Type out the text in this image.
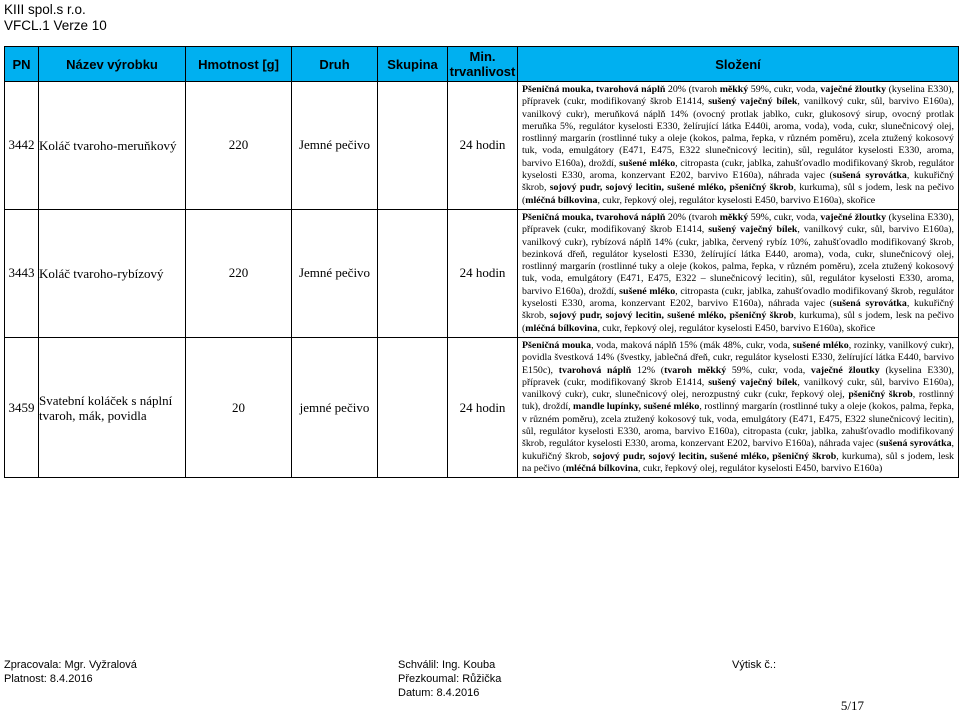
KIII spol.s r.o.
VFCL.1 Verze 10
PN	Název výrobku	Hmotnost [g]	Druh	Skupina	Min. trvanlivost	Složení
3442	Koláč tvaroho-meruňkový	220	Jemné pečivo		24 hodin	Pšeničná mouka, tvarohová náplň 20% (tvaroh měkký 59%, cukr, voda, vaječné žloutky (kyselina E330), přípravek (cukr, modifikovaný škrob E1414, sušený vaječný bílek, vanilkový cukr, sůl, barvivo E160a), vanilkový cukr), meruňková náplň 14% (ovocný protlak jablko, cukr, glukosový sirup, ovocný protlak meruňka 5%, regulátor kyselosti E330, želírující látka E440i, aroma, voda), voda, cukr, slunečnicový olej, rostlinný margarín (rostlinné tuky a oleje (kokos, palma, řepka, v různém poměru), zcela ztužený kokosový tuk, voda, emulgátory (E471, E475, E322 slunečnicový lecitin), sůl, regulátor kyselosti E330, aroma, barvivo E160a), droždí, sušené mléko, citropasta (cukr, jablka, zahušťovadlo modifikovaný škrob, regulátor kyselosti E330, aroma, konzervant E202, barvivo E160a), náhrada vajec (sušená syrovátka, kukuřičný škrob, sojový pudr, sojový lecitin, sušené mléko, pšeničný škrob, kurkuma), sůl s jodem, lesk na pečivo (mléčná bílkovina, cukr, řepkový olej, regulátor kyselosti E450, barvivo E160a), skořice
3443	Koláč tvaroho-rybízový	220	Jemné pečivo		24 hodin	Pšeničná mouka, tvarohová náplň 20% (tvaroh měkký 59%, cukr, voda, vaječné žloutky (kyselina E330), přípravek (cukr, modifikovaný škrob E1414, sušený vaječný bílek, vanilkový cukr, sůl, barvivo E160a), vanilkový cukr), rybízová náplň 14% (cukr, jablka, červený rybíz 10%, zahušťovadlo modifikovaný škrob, bezinková dřeň, regulátor kyselosti E330, želírující látka E440, aroma), voda, cukr, slunečnicový olej, rostlinný margarín (rostlinné tuky a oleje (kokos, palma, řepka, v různém poměru), zcela ztužený kokosový tuk, voda, emulgátory (E471, E475, E322 – slunečnicový lecitin), sůl, regulátor kyselosti E330, aroma, barvivo E160a), droždí, sušené mléko, citropasta (cukr, jablka, zahušťovadlo modifikovaný škrob, regulátor kyselosti E330, aroma, konzervant E202, barvivo E160a), náhrada vajec (sušená syrovátka, kukuřičný škrob, sojový pudr, sojový lecitin, sušené mléko, pšeničný škrob, kurkuma), sůl s jodem, lesk na pečivo (mléčná bílkovina, cukr, řepkový olej, regulátor kyselosti E450, barvivo E160a), skořice
3459	Svatební koláček s náplní tvaroh, mák, povidla	20	jemné pečivo		24 hodin	Pšeničná mouka, voda, maková náplň 15% (mák 48%, cukr, voda, sušené mléko, rozinky, vanilkový cukr), povidla švestková 14% (švestky, jablečná dřeň, cukr, regulátor kyselosti E330, želírující látka E440, barvivo E150c), tvarohová náplň 12% (tvaroh měkký 59%, cukr, voda, vaječné žloutky (kyselina E330), přípravek (cukr, modifikovaný škrob E1414, sušený vaječný bílek, vanilkový cukr, sůl, barvivo E160a), vanilkový cukr), cukr, slunečnicový olej, nerozpustný cukr (cukr, řepkový olej, pšeničný škrob, rostlinný tuk), droždí, mandle lupínky, sušené mléko, rostlinný margarín (rostlinné tuky a oleje (kokos, palma, řepka, v různém poměru), zcela ztužený kokosový tuk, voda, emulgátory (E471, E475, E322 slunečnicový lecitin), sůl, regulátor kyselosti E330, aroma, barvivo E160a), citropasta (cukr, jablka, zahušťovadlo modifikovaný škrob, regulátor kyselosti E330, aroma, konzervant E202, barvivo E160a), náhrada vajec (sušená syrovátka, kukuřičný škrob, sojový pudr, sojový lecitin, sušené mléko, pšeničný škrob, kurkuma), sůl s jodem, lesk na pečivo (mléčná bílkovina, cukr, řepkový olej, regulátor kyselosti E450, barvivo E160a)
Zpracovala: Mgr. Vyžralová
Platnost: 8.4.2016
Schválil: Ing. Kouba
Přezkoumal: Růžička
Datum: 8.4.2016
Výtisk č.:
5/17
